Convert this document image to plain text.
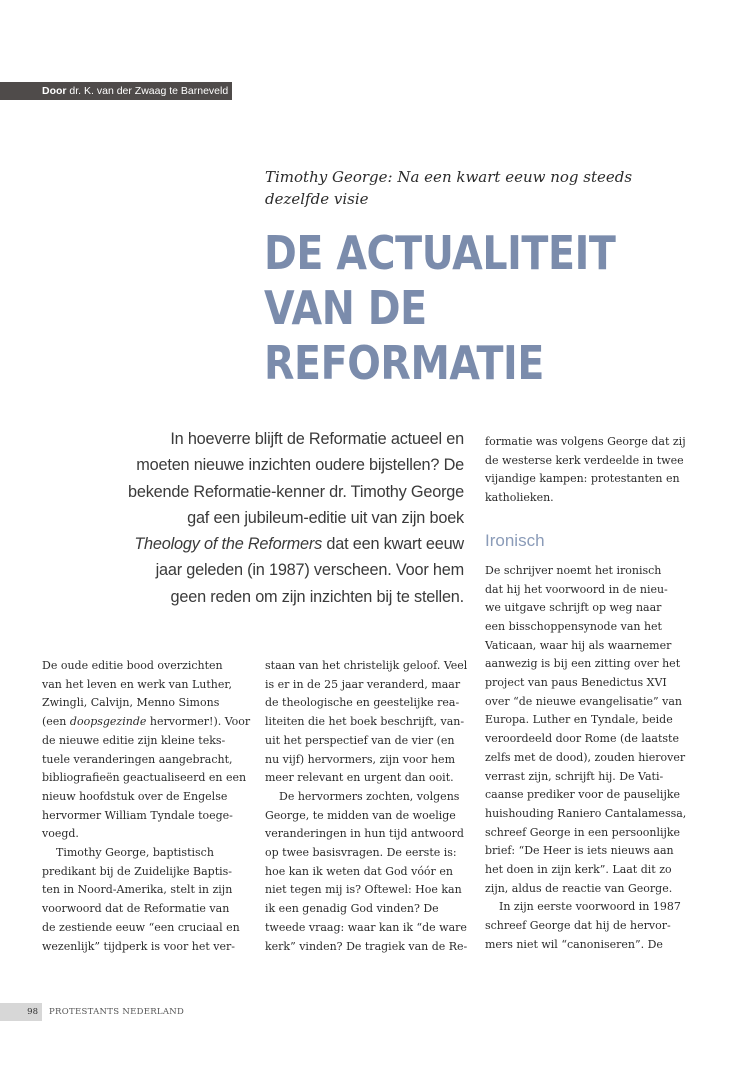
Door dr. K. van der Zwaag te Barneveld
Timothy George: Na een kwart eeuw nog steeds dezelfde visie
DE ACTUALITEIT
VAN DE
REFORMATIE
In hoeverre blijft de Reformatie actueel en moeten nieuwe inzichten oudere bijstellen? De bekende Reformatie-kenner dr. Timothy George gaf een jubileum-editie uit van zijn boek Theology of the Reformers dat een kwart eeuw jaar geleden (in 1987) verscheen. Voor hem geen reden om zijn inzichten bij te stellen.

De oude editie bood overzichten
van het leven en werk van Luther,
Zwingli, Calvijn, Menno Simons
(een doopsgezinde hervormer!). Voor
de nieuwe editie zijn kleine teks-
tuele veranderingen aangebracht,
bibliografieën geactualiseerd en een
nieuw hoofdstuk over de Engelse
hervormer William Tyndale toege-
voegd.

Timothy George, baptistisch
predikant bij de Zuidelijke Baptis-
ten in Noord-Amerika, stelt in zijn
voorwoord dat de Reformatie van
de zestiende eeuw “een cruciaal en
wezenlijk” tijdperk is voor het ver-

staan van het christelijk geloof. Veel
is er in de 25 jaar veranderd, maar
de theologische en geestelijke rea-
liteiten die het boek beschrijft, van-
uit het perspectief van de vier (en
nu vijf) hervormers, zijn voor hem
meer relevant en urgent dan ooit.

De hervormers zochten, volgens
George, te midden van de woelige
veranderingen in hun tijd antwoord
op twee basisvragen. De eerste is:
hoe kan ik weten dat God vóór en
niet tegen mij is? Oftewel: Hoe kan
ik een genadig God vinden? De
tweede vraag: waar kan ik “de ware
kerk” vinden? De tragiek van de Re-

formatie was volgens George dat zij
de westerse kerk verdeelde in twee
vijandige kampen: protestanten en
katholieken.

Ironisch

De schrijver noemt het ironisch
dat hij het voorwoord in de nieu-
we uitgave schrijft op weg naar
een bisschoppensynode van het
Vaticaan, waar hij als waarnemer
aanwezig is bij een zitting over het
project van paus Benedictus XVI
over “de nieuwe evangelisatie” van
Europa. Luther en Tyndale, beide
veroordeeld door Rome (de laatste
zelfs met de dood), zouden hierover
verrast zijn, schrijft hij. De Vati-
caanse prediker voor de pauselijke
huishouding Raniero Cantalamessa,
schreef George in een persoonlijke
brief: “De Heer is iets nieuws aan
het doen in zijn kerk”. Laat dit zo
zijn, aldus de reactie van George.

In zijn eerste voorwoord in 1987
schreef George dat hij de hervor-
mers niet wil “canoniseren”. De

98	PROTESTANTS NEDERLAND
